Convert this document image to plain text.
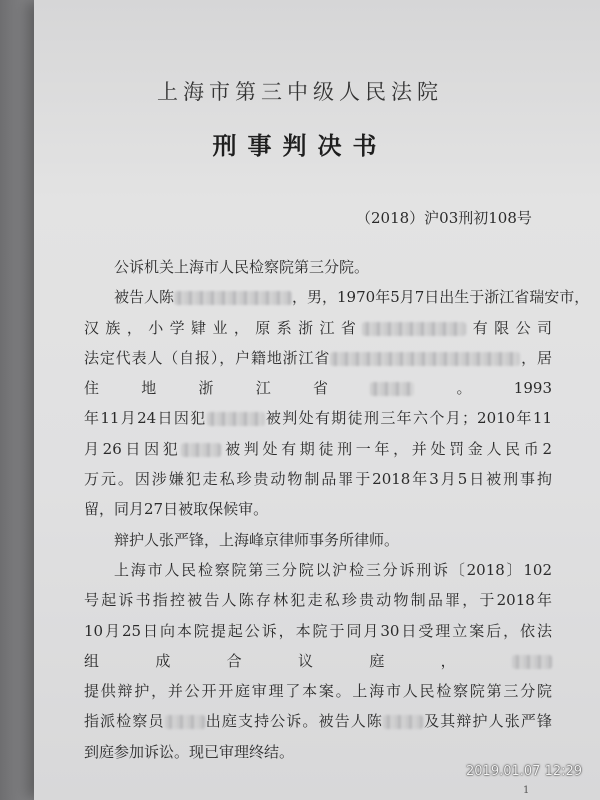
上海市第三中级人民法院
刑事判决书
（2018）沪03刑初108号
公诉机关上海市人民检察院第三分院。
被告人陈	，男，1970年5月7日出生于浙江省瑞安市，
汉族，小学肄业，原系浙江省	有限公司
法定代表人（自报），户籍地浙江省	，居
住地浙江省	。1993
年11月24日因犯	被判处有期徒刑三年六个月；2010年11
月26日因犯	被判处有期徒刑一年，并处罚金人民币2
万元。因涉嫌犯走私珍贵动物制品罪于2018年3月5日被刑事拘
留，同月27日被取保候审。
辩护人张严锋，上海峰京律师事务所律师。
上海市人民检察院第三分院以沪检三分诉刑诉〔2018〕102
号起诉书指控被告人陈存林犯走私珍贵动物制品罪，于2018年
10月25日向本院提起公诉，本院于同月30日受理立案后，依法
组成合议庭，
提供辩护，并公开开庭审理了本案。上海市人民检察院第三分院
指派检察员	出庭支持公诉。被告人陈	及其辩护人张严锋
到庭参加诉讼。现已审理终结。
2019.01.07 12:29
1
